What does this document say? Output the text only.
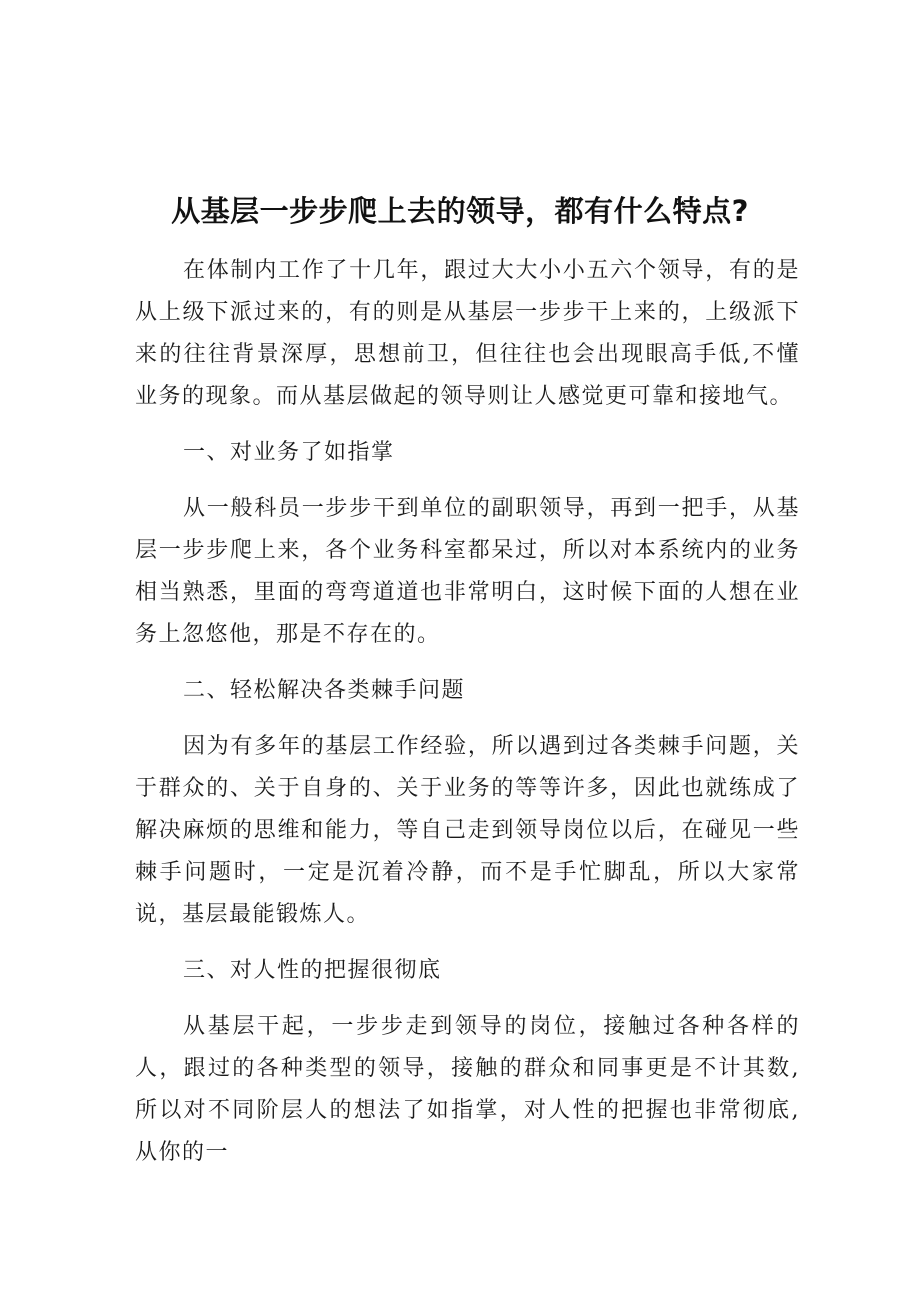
从基层一步步爬上去的领导，都有什么特点?

在体制内工作了十几年，跟过大大小小五六个领导，有的是从上级下派过来的，有的则是从基层一步步干上来的，上级派下来的往往背景深厚，思想前卫，但往往也会出现眼高手低,不懂业务的现象。而从基层做起的领导则让人感觉更可靠和接地气。

一、对业务了如指掌

从一般科员一步步干到单位的副职领导，再到一把手，从基层一步步爬上来，各个业务科室都呆过，所以对本系统内的业务相当熟悉，里面的弯弯道道也非常明白，这时候下面的人想在业务上忽悠他，那是不存在的。

二、轻松解决各类棘手问题

因为有多年的基层工作经验，所以遇到过各类棘手问题，关于群众的、关于自身的、关于业务的等等许多，因此也就练成了解决麻烦的思维和能力，等自己走到领导岗位以后，在碰见一些棘手问题时，一定是沉着冷静，而不是手忙脚乱，所以大家常说，基层最能锻炼人。

三、对人性的把握很彻底

从基层干起，一步步走到领导的岗位，接触过各种各样的人，跟过的各种类型的领导，接触的群众和同事更是不计其数,所以对不同阶层人的想法了如指掌，对人性的把握也非常彻底,从你的一
